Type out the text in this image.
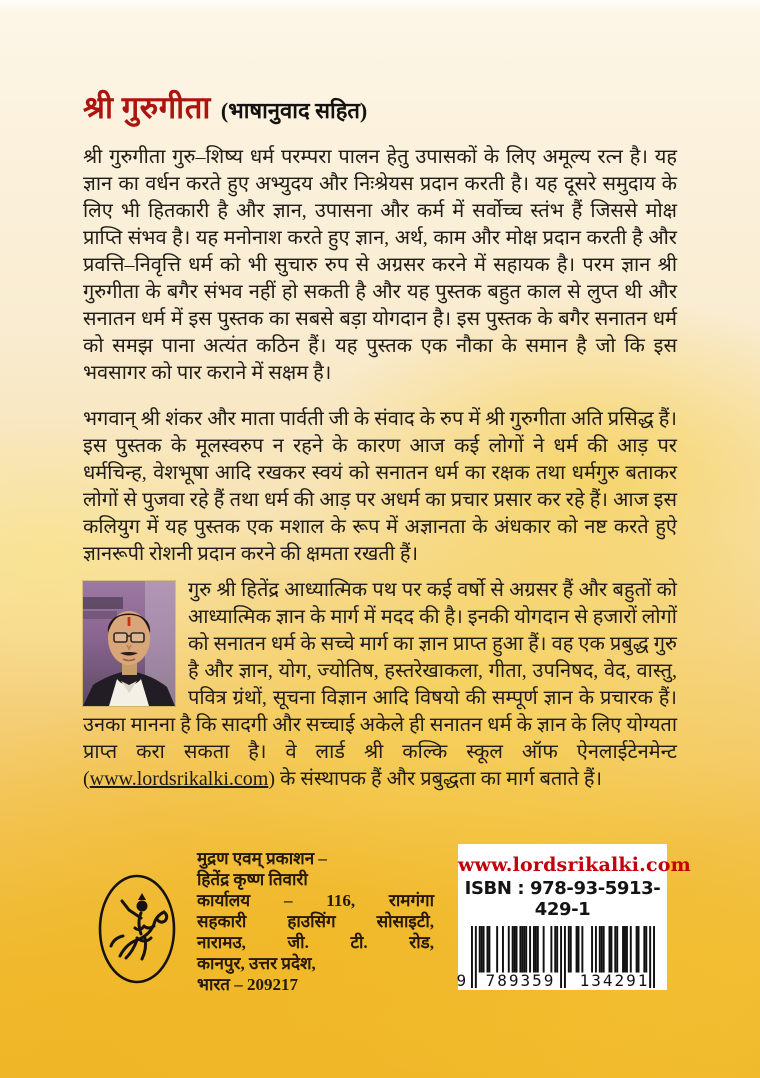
श्री गुरुगीता (भाषानुवाद सहित)

श्री गुरुगीता गुरु–शिष्य धर्म परम्परा पालन हेतु उपासकों के लिए अमूल्य रत्न है। यह ज्ञान का वर्धन करते हुए अभ्युदय और निःश्रेयस प्रदान करती है। यह दूसरे समुदाय के लिए भी हितकारी है और ज्ञान, उपासना और कर्म में सर्वोच्च स्तंभ हैं जिससे मोक्ष प्राप्ति संभव है। यह मनोनाश करते हुए ज्ञान, अर्थ, काम और मोक्ष प्रदान करती है और प्रवत्ति–निवृत्ति धर्म को भी सुचारु रुप से अग्रसर करने में सहायक है। परम ज्ञान श्री गुरुगीता के बगैर संभव नहीं हो सकती है और यह पुस्तक बहुत काल से लुप्त थी और सनातन धर्म में इस पुस्तक का सबसे बड़ा योगदान है। इस पुस्तक के बगैर सनातन धर्म को समझ पाना अत्यंत कठिन हैं। यह पुस्तक एक नौका के समान है जो कि इस भवसागर को पार कराने में सक्षम है।

भगवान् श्री शंकर और माता पार्वती जी के संवाद के रुप में श्री गुरुगीता अति प्रसिद्ध हैं। इस पुस्तक के मूलस्वरुप न रहने के कारण आज कई लोगों ने धर्म की आड़ पर धर्मचिन्ह, वेशभूषा आदि रखकर स्वयं को सनातन धर्म का रक्षक तथा धर्मगुरु बताकर लोगों से पुजवा रहे हैं तथा धर्म की आड़ पर अधर्म का प्रचार प्रसार कर रहे हैं। आज इस कलियुग में यह पुस्तक एक मशाल के रूप में अज्ञानता के अंधकार को नष्ट करते हुऐ ज्ञानरूपी रोशनी प्रदान करने की क्षमता रखती हैं।

गुरु श्री हितेंद्र आध्यात्मिक पथ पर कई वर्षो से अग्रसर हैं और बहुतों को आध्यात्मिक ज्ञान के मार्ग में मदद की है। इनकी योगदान से हजारों लोगों को सनातन धर्म के सच्चे मार्ग का ज्ञान प्राप्त हुआ हैं। वह एक प्रबुद्ध गुरु है और ज्ञान, योग, ज्योतिष, हस्तरेखाकला, गीता, उपनिषद, वेद, वास्तु, पवित्र ग्रंथों, सूचना विज्ञान आदि विषयो की सम्पूर्ण ज्ञान के प्रचारक हैं। उनका मानना है कि सादगी और सच्चाई अकेले ही सनातन धर्म के ज्ञान के लिए योग्यता प्राप्त करा सकता है। वे लार्ड श्री कल्कि स्कूल ऑफ ऐनलाईटेनमेन्ट (www.lordsrikalki.com) के संस्थापक हैं और प्रबुद्धता का मार्ग बताते हैं।

मुद्रण एवम् प्रकाशन –
हितेंद्र कृष्ण तिवारी
कार्यालय – 116, रामगंगा
सहकारी हाउसिंग सोसाइटी,
नारामउ, जी. टी. रोड,
कानपुर, उत्तर प्रदेश,
भारत – 209217
www.lordsrikalki.com
ISBN : 978-93-5913-429-1
9	789359	134291
